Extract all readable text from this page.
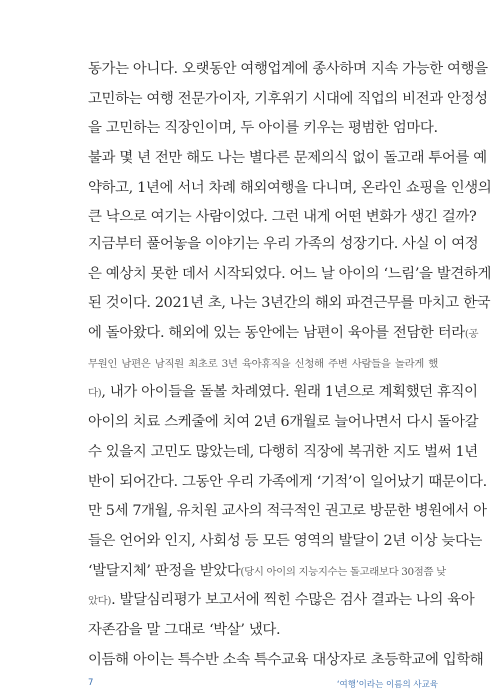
동가는 아니다. 오랫동안 여행업계에 종사하며 지속 가능한 여행을
고민하는 여행 전문가이자, 기후위기 시대에 직업의 비전과 안정성
을 고민하는 직장인이며, 두 아이를 키우는 평범한 엄마다.
불과 몇 년 전만 해도 나는 별다른 문제의식 없이 돌고래 투어를 예
약하고, 1년에 서너 차례 해외여행을 다니며, 온라인 쇼핑을 인생의
큰 낙으로 여기는 사람이었다. 그런 내게 어떤 변화가 생긴 걸까?
지금부터 풀어놓을 이야기는 우리 가족의 성장기다. 사실 이 여정
은 예상치 못한 데서 시작되었다. 어느 날 아이의 ‘느림’을 발견하게
된 것이다. 2021년 초, 나는 3년간의 해외 파견근무를 마치고 한국
에 돌아왔다. 해외에 있는 동안에는 남편이 육아를 전담한 터라(공
무원인 남편은 남직원 최초로 3년 육아휴직을 신청해 주변 사람들을 놀라게 했
다), 내가 아이들을 돌볼 차례였다. 원래 1년으로 계획했던 휴직이
아이의 치료 스케줄에 치여 2년 6개월로 늘어나면서 다시 돌아갈
수 있을지 고민도 많았는데, 다행히 직장에 복귀한 지도 벌써 1년
반이 되어간다. 그동안 우리 가족에게 ‘기적’이 일어났기 때문이다.
만 5세 7개월, 유치원 교사의 적극적인 권고로 방문한 병원에서 아
들은 언어와 인지, 사회성 등 모든 영역의 발달이 2년 이상 늦다는
‘발달지체’ 판정을 받았다(당시 아이의 지능지수는 돌고래보다 30점쯤 낮
았다). 발달심리평가 보고서에 찍힌 수많은 검사 결과는 나의 육아
자존감을 말 그대로 ‘박살’ 냈다.
이듬해 아이는 특수반 소속 특수교육 대상자로 초등학교에 입학해
7	‘여행’이라는 이름의 사교육
